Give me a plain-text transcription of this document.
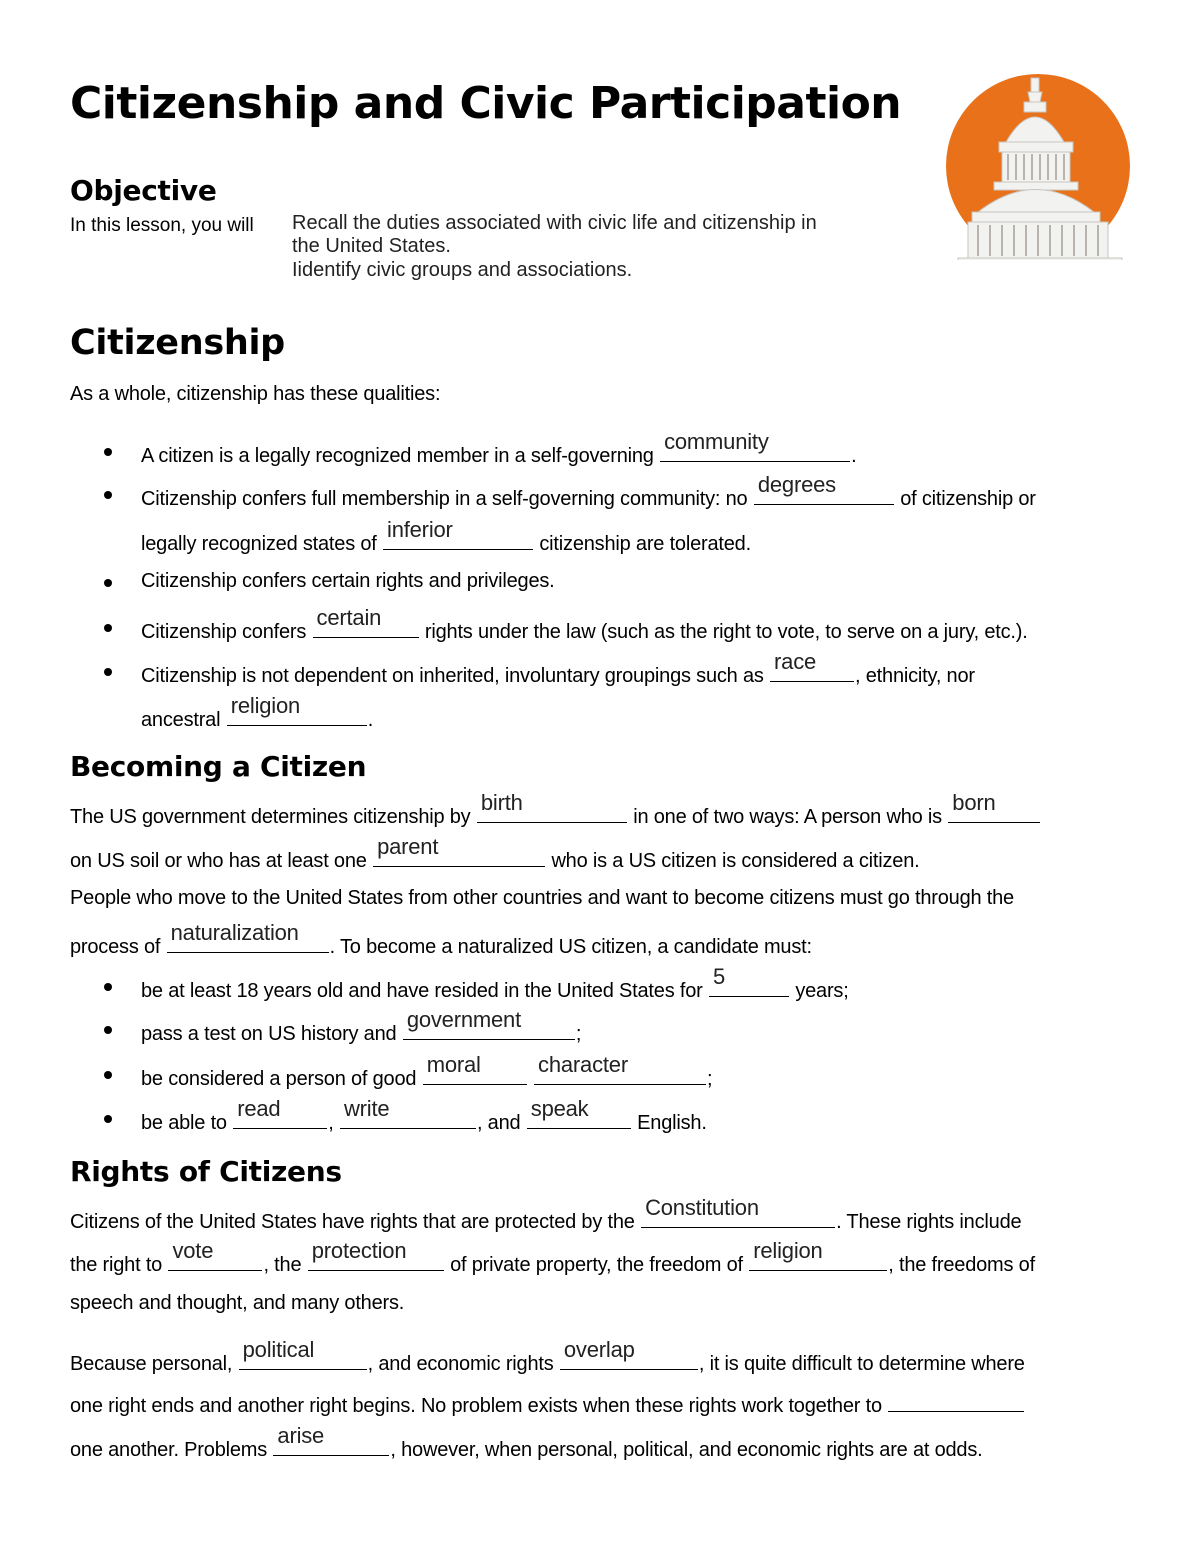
Citizenship and Civic Participation
Objective
In this lesson, you will Recall the duties associated with civic life and citizenship in
the United States.
Iidentify civic groups and associations.
Citizenship
As a whole, citizenship has these qualities:
A citizen is a legally recognized member in a self-governing
community
.
Citizenship confers full membership in a self-governing community: no
degrees
of citizenship or
legally recognized states of
inferior
citizenship are tolerated.
Citizenship confers certain rights and privileges.
Citizenship confers
certain
rights under the law (such as the right to vote, to serve on a jury, etc.).
Citizenship is not dependent on inherited, involuntary groupings such as
race
, ethnicity, nor
ancestral
religion
.
Becoming a Citizen
The US government determines citizenship by
birth
in one of two ways: A person who is
born
on US soil or who has at least one
parent
who is a US citizen is considered a citizen.
People who move to the United States from other countries and want to become citizens must go through the
process of
naturalization
. To become a naturalized US citizen, a candidate must:
be at least 18 years old and have resided in the United States for
5
years;
pass a test on US history and
government
;
be considered a person of good
moral
	character
;
be able to
read
,
write
, and
speak
English.
Rights of Citizens
Citizens of the United States have rights that are protected by the
Constitution
. These rights include
the right to
vote
, the
protection
of private property, the freedom of
religion
, the freedoms of
speech and thought, and many others.
Because personal,
political
, and economic rights
overlap
, it is quite difficult to determine where
one right ends and another right begins. No problem exists when these rights work together to
one another. Problems
arise
, however, when personal, political, and economic rights are at odds.
